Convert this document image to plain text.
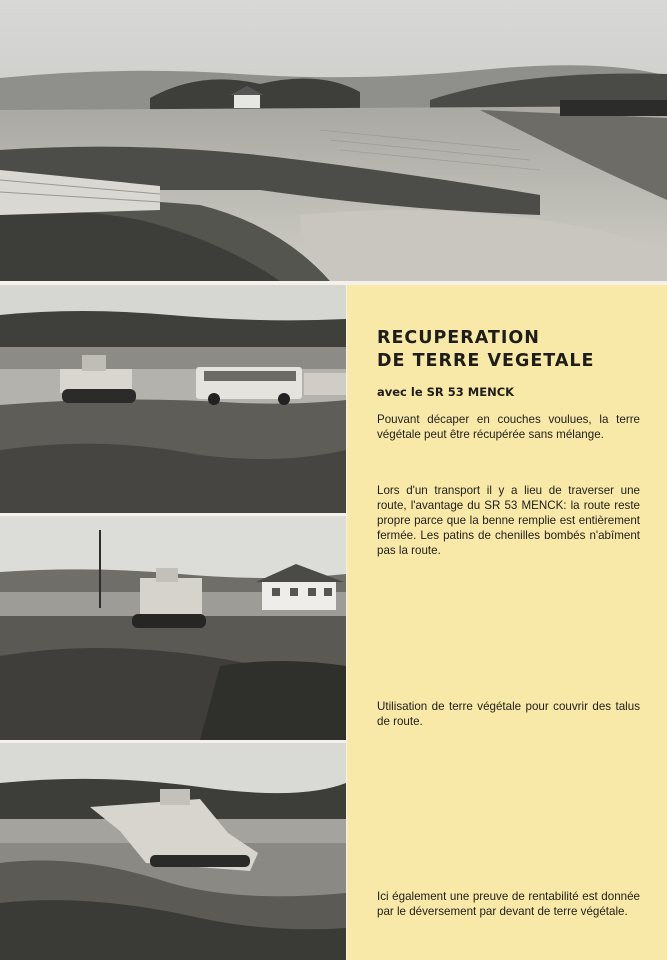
RECUPERATION
DE TERRE VEGETALE

avec le SR 53 MENCK

Pouvant décaper en couches voulues, la terre végétale peut être récupérée sans mélange.

Lors d'un transport il y a lieu de traverser une route, l'avantage du SR 53 MENCK: la route reste propre parce que la benne remplie est entièrement fermée. Les patins de chenilles bombés n'abîment pas la route.

Utilisation de terre végétale pour couvrir des talus de route.

Ici également une preuve de rentabilité est donnée par le déversement par devant de terre végétale.
